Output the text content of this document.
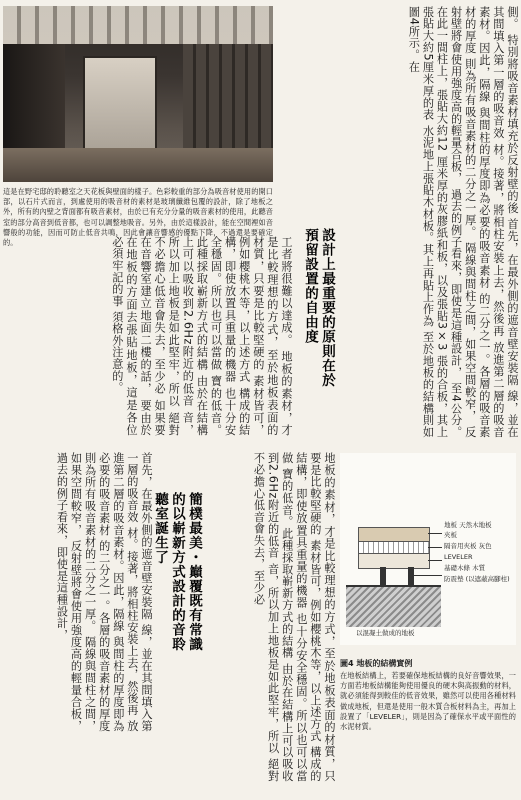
這是在野宅邸的聆聽室之天花板與壁面的樣子。色彩較重的部分為吸音材使用的開口部，以石片式而言，到處使用的吸音材的素材是玻璃纖維包覆的設計，除了地板之外，所有的內壁之背面都有吸音素材，由於已有充分分量的吸音素材的使用，此聽音室的部分高音到低音都，也可以調整地吸音。另外，由於這樣設計，能在空間裡如音響般的功能，因而可防止低音共鳴，因此會讓音響感的優點下降，不過還是要確定的。
側。 特別將吸音素材填充於反射壁的後 首先，在最外側的遮音壁安裝隔 線，並在其間填入第一層的吸音效 材。接著，將相柱安裝上去，然後再 放進第二層的吸音素材。因此，隔線 與間柱的厚度即為必要的吸音素材 的二分之一。各層的吸音素材的厚度 則為所有吸音素材的二分之一厚。 隔線與間柱之間，如果空間較窄， 反射壁將會使用強度高的輕量合板， 過去的例子看來，即使是這種設計， 至4公分。在此一間柱上，張貼大約12 厘米厚的灰膠紙和板，以及張貼3×3 張的合板，其上張貼大約5厘米厚的表 水泥地上張貼木材板。其上再貼上作為 至於地板的結構則如圖4所示。在
設計上最重要的原則在於預留設置的自由度
工者將很難以達成。 地板的素材，才是比較理想的方式，至於地板表面的材質，只要是比較堅硬的 素材皆可，例如櫻桃木等，以上述方式 構成的結構，即使放置具重量的機器 也十分安全穩固。所以也可以當做 寶的低音。此種採取嶄新方式的結構 由於在結構上可以吸收到2.6Hz附近的低音 音，所以加上地板是如此堅牢，所以 絕對不必擔心低音會失去，至少必 如果要在音響室建立地面二樓的話， 要由於在地板的方面去張貼地板，這是各位必須牢記的事 須格外注意的。
簡樸最美・巔覆既有常識的以嶄新方式設計的音聆聽室誕生了
首先，在最外側的遮音壁安裝隔 線，並在其間填入第一層的吸音效 材。接著，將相柱安裝上去，然後再 放進第二層的吸音素材。因此，隔線 與間柱的厚度即為必要的吸音素材 的二分之一。各層的吸音素材的厚度 則為所有吸音素材的二分之一厚。 隔線與間柱之間，如果空間較窄， 反射壁將會使用強度高的輕量合板， 過去的例子看來，即使是這種設計，	地板的素材，才是比較理想的方式，至於地板表面的材質，只要是比較堅硬的 素材皆可，例如櫻桃木等，以上述方式 構成的結構，即使放置具重量的機器 也十分安全穩固。所以也可以當做 寶的低音。此種採取嶄新方式的結構 由於在結構上可以吸收到2.6Hz附近的低音 音，所以加上地板是如此堅牢，所以 絕對不必擔心低音會失去，至少必	地板 天然木地板
夾板
隔音用夾板 灰色
LEVELER
基礎木條 木質
防震墊 (以遮蔽高腳柱)
以混凝土做成的地板
圖4 地板的結構實例
在地板結構上，若要確保地板結構的良好音響效果，一方面若地板結構能夠使用優良的硬木與高振動的材料，就必須能得到較佳的低音效果，雖然可以使用各種材料做成地板，但還是使用一般木質合板材料為主，再加上設置了「LEVELER」，則是因為了確保水平或平面性的水泥材質。
